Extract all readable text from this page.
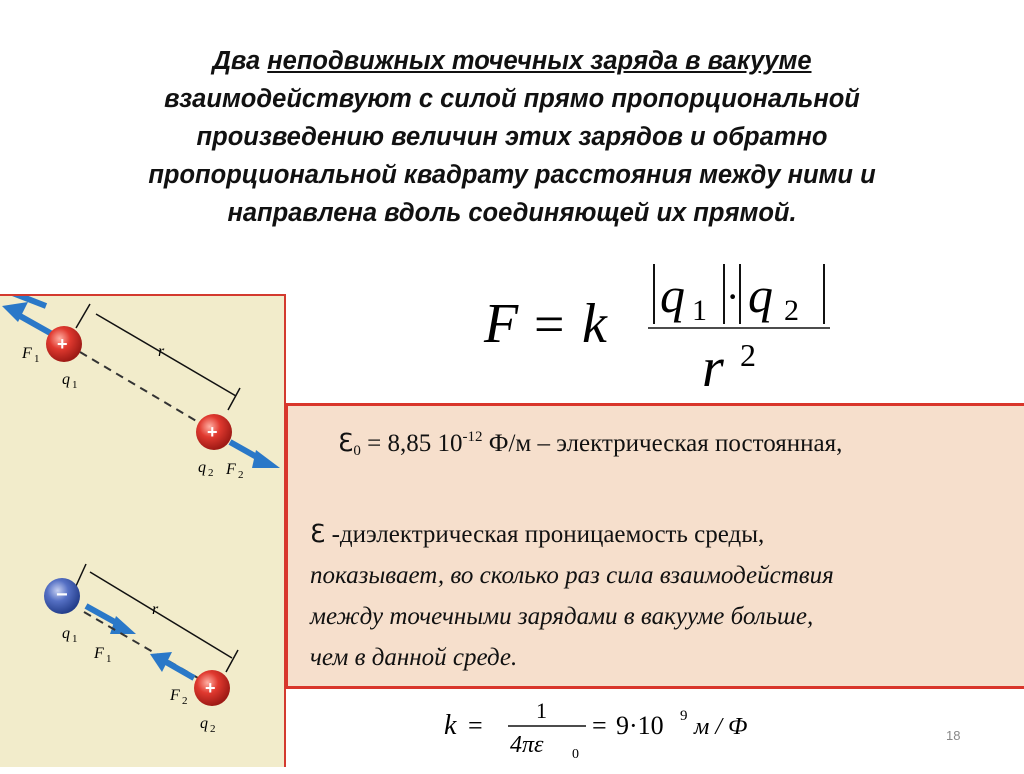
Два неподвижных точечных заряда в вакууме
взаимодействуют с силой прямо пропорциональной
произведению величин этих зарядов и обратно
пропорциональной квадрату расстояния между ними и
направлена вдоль соединяющей их прямой.
F = k q 1 · q 2
r 2
r
+
+
F 1
q 1
q 2 F 2
r
−
+
q 1
F 1
F 2
q 2
ℇ$_0$ = 8,85 $10^{-12}$ Ф/м – электрическая постоянная,
ℇ -диэлектрическая проницаемость среды,
показывает, во сколько раз сила взаимодействия
между точечными зарядами в вакууме больше,
чем в данной среде.
k =
1
4πε 0
= 9·10 9 м / Ф	18
